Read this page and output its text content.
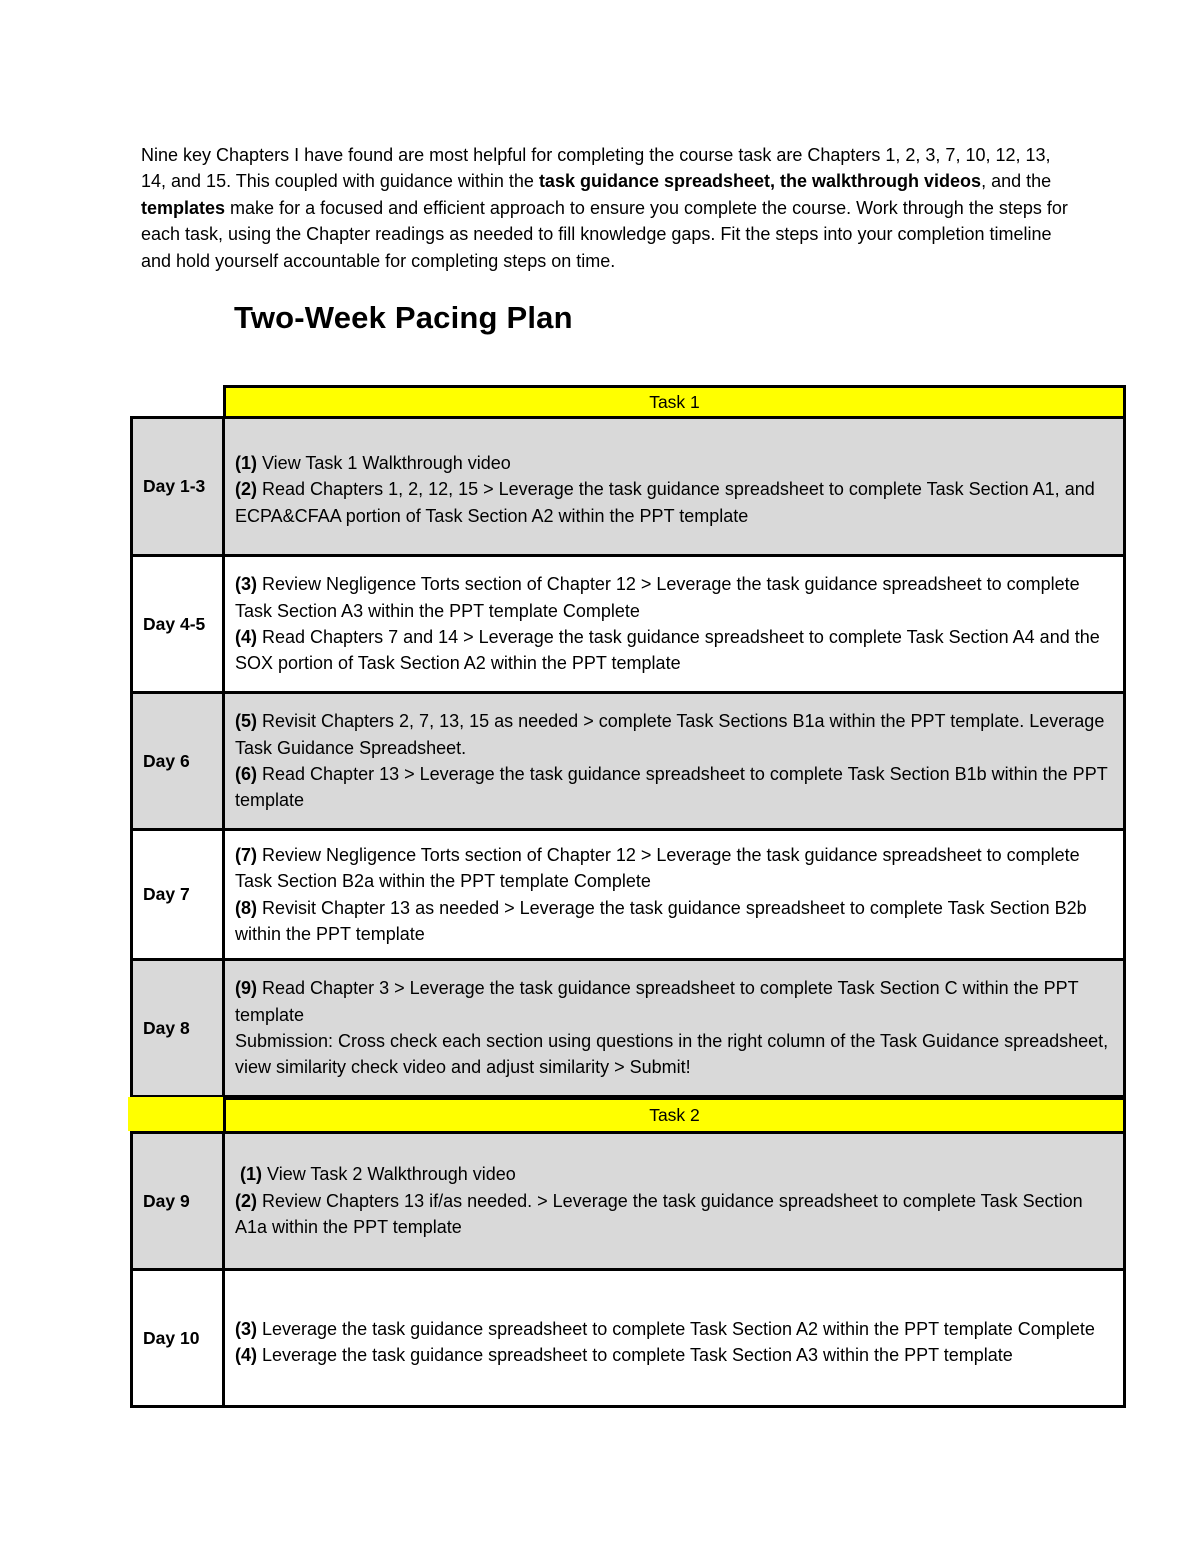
Nine key Chapters I have found are most helpful for completing the course task are Chapters 1, 2, 3, 7, 10, 12, 13, 14, and 15. This coupled with guidance within the task guidance spreadsheet, the walkthrough videos, and the templates make for a focused and efficient approach to ensure you complete the course. Work through the steps for each task, using the Chapter readings as needed to fill knowledge gaps. Fit the steps into your completion timeline and hold yourself accountable for completing steps on time.

Two-Week Pacing Plan
Task 1
Day 1-3

(1) View Task 1 Walkthrough video

(2) Read Chapters 1, 2, 12, 15 > Leverage the task guidance spreadsheet to complete Task Section A1, and ECPA&CFAA portion of Task Section A2 within the PPT template

Day 4-5

(3) Review Negligence Torts section of Chapter 12 > Leverage the task guidance spreadsheet to complete Task Section A3 within the PPT template Complete

(4) Read Chapters 7 and 14 > Leverage the task guidance spreadsheet to complete Task Section A4 and the SOX portion of Task Section A2 within the PPT template

Day 6

(5) Revisit Chapters 2, 7, 13, 15 as needed > complete Task Sections B1a within the PPT template. Leverage Task Guidance Spreadsheet.

(6) Read Chapter 13 > Leverage the task guidance spreadsheet to complete Task Section B1b within the PPT template

Day 7

(7) Review Negligence Torts section of Chapter 12 > Leverage the task guidance spreadsheet to complete Task Section B2a within the PPT template Complete

(8) Revisit Chapter 13 as needed > Leverage the task guidance spreadsheet to complete Task Section B2b within the PPT template

Day 8

(9) Read Chapter 3 > Leverage the task guidance spreadsheet to complete Task Section C within the PPT template

Submission: Cross check each section using questions in the right column of the Task Guidance spreadsheet, view similarity check video and adjust similarity > Submit!

Task 2
Day 9

(1) View Task 2 Walkthrough video

(2) Review Chapters 13 if/as needed. > Leverage the task guidance spreadsheet to complete Task Section A1a within the PPT template

Day 10	(3) Leverage the task guidance spreadsheet to complete Task Section A2 within the PPT template Complete

(4) Leverage the task guidance spreadsheet to complete Task Section A3 within the PPT template
